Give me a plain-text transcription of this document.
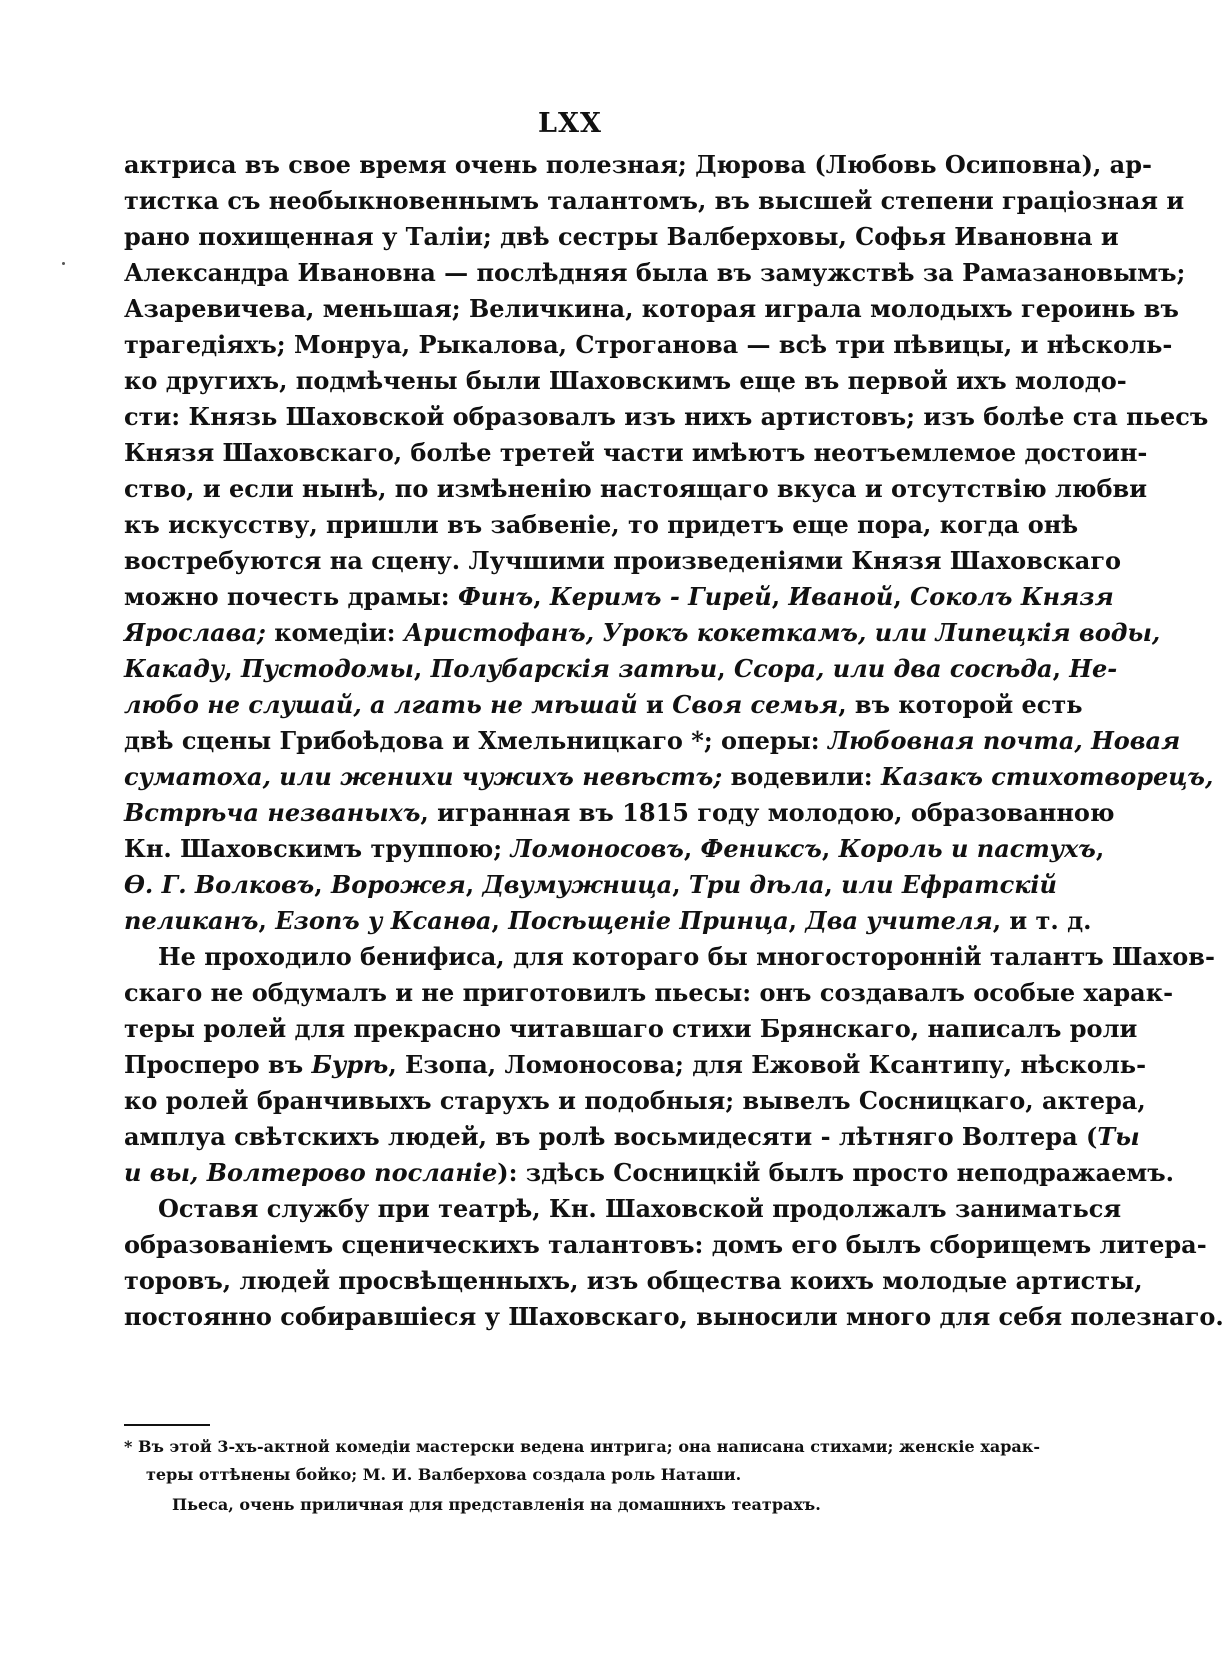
LXX
актриса въ свое время очень полезная; Дюрова (Любовь Осиповна), ар-
тистка съ необыкновеннымъ талантомъ, въ высшей степени граціозная и
рано похищенная у Таліи; двѣ сестры Валберховы, Софья Ивановна и
Александра Ивановна — послѣдняя была въ замужствѣ за Рамазановымъ;
Азаревичева, меньшая; Величкина, которая играла молодыхъ героинь въ
трагедіяхъ; Монруа, Рыкалова, Строганова — всѣ три пѣвицы, и нѣсколь-
ко другихъ, подмѣчены были Шаховскимъ еще въ первой ихъ молодо-
сти: Князь Шаховской образовалъ изъ нихъ артистовъ; изъ болѣе ста пьесъ
Князя Шаховскаго, болѣе третей части имѣютъ неотъемлемое достоин-
ство, и если нынѣ, по измѣненію настоящаго вкуса и отсутствію любви
къ искусству, пришли въ забвеніе, то придетъ еще пора, когда онѣ
востребуются на сцену. Лучшими произведеніями Князя Шаховскаго
можно почесть драмы: Финъ, Керимъ - Гирей, Иваной, Соколъ Князя
Ярослава; комедіи: Аристофанъ, Урокъ кокеткамъ, или Липецкія воды,
Какаду, Пустодомы, Полубарскія затѣи, Ссора, или два сосѣда, Не-
любо не слушай, а лгать не мѣшай и Своя семья, въ которой есть
двѣ сцены Грибоѣдова и Хмельницкаго *; оперы: Любовная почта, Новая
суматоха, или женихи чужихъ невѣстъ; водевили: Казакъ стихотворецъ,
Встрѣча незваныхъ, игранная въ 1815 году молодою, образованною
Кн. Шаховскимъ труппою; Ломоносовъ, Фениксъ, Король и пастухъ,
Ѳ. Г. Волковъ, Ворожея, Двумужница, Три дѣла, или Ефратскій
пеликанъ, Езопъ у Ксанѳа, Посѣщеніе Принца, Два учителя, и т. д.
Не проходило бенифиса, для котораго бы многосторонній талантъ Шахов-
скаго не обдумалъ и не приготовилъ пьесы: онъ создавалъ особые харак-
теры ролей для прекрасно читавшаго стихи Брянскаго, написалъ роли
Просперо въ Бурѣ, Езопа, Ломоносова; для Ежовой Ксантипу, нѣсколь-
ко ролей бранчивыхъ старухъ и подобныя; вывелъ Сосницкаго, актера,
амплуа свѣтскихъ людей, въ ролѣ восьмидесяти - лѣтняго Волтера (Ты
и вы, Волтерово посланіе): здѣсь Сосницкій былъ просто неподражаемъ.
Оставя службу при театрѣ, Кн. Шаховской продолжалъ заниматься
образованіемъ сценическихъ талантовъ: домъ его былъ сборищемъ литера-
торовъ, людей просвѣщенныхъ, изъ общества коихъ молодые артисты,
постоянно собиравшіеся у Шаховскаго, выносили много для себя полезнаго.
* Въ этой 3-хъ-актной комедіи мастерски ведена интрига; она написана стихами; женскіе харак-
теры оттѣнены бойко; М. И. Валберхова создала роль Наташи.
Пьеса, очень приличная для представленія на домашнихъ театрахъ.
